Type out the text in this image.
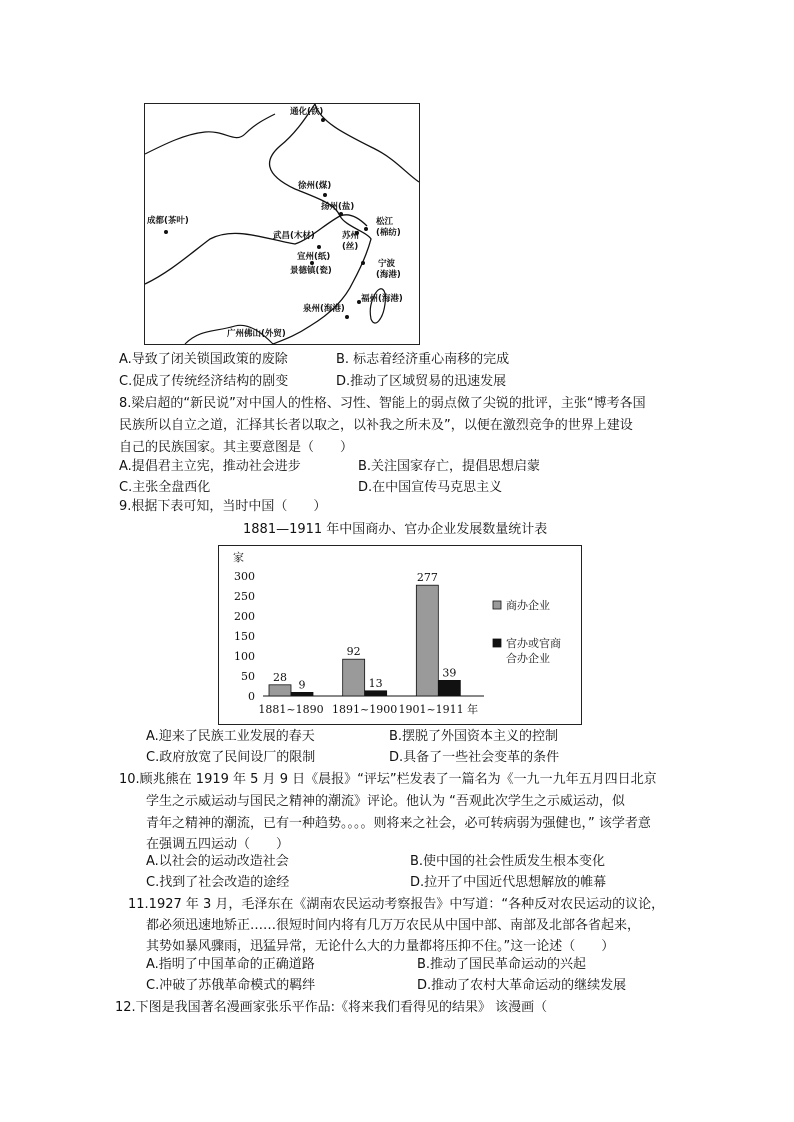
通化(铁)
徐州(煤)
扬州(盐)
松江
(棉纺)
成都(茶叶)
武昌(木材)	苏州
(丝)
宣州(纸)
景德镇(瓷)
宁波
(海港)
泉州(海港)
福州(海港)
广州佛山(外贸)
A.导致了闭关锁国政策的废除	B. 标志着经济重心南移的完成
C.促成了传统经济结构的剧变	D.推动了区域贸易的迅速发展
8.梁启超的“新民说”对中国人的性格、习性、智能上的弱点傚了尖锐的批评，主张“博考各国
民族所以自立之道，汇择其长者以取之，以补我之所未及”，以便在激烈竞争的世界上建设
自己的民族国家。其主要意图是（　　）
A.提倡君主立宪，推动社会进步	B.关注国家存亡，提倡思想启蒙
C.主张全盘西化	D.在中国宣传马克思主义
9.根据下表可知，当时中国（　　）
1881—1911 年中国商办、官办企业发展数量统计表
家
0
50
100
150
200
250
300
28
9
1881~1890
92
13
1891~1900
277
39
1901~1911 年
商办企业
官办或官商
合办企业
A.迎来了民族工业发展的春天	B.摆脱了外国资本主义的控制
C.政府放宽了民间设厂的限制	D.具备了一些社会变革的条件
10.顾兆熊在 1919 年 5 月 9 日《晨报》“评坛”栏发表了一篇名为《一九一九年五月四日北京
学生之示威运动与国民之精神的潮流》评论。他认为 “吾观此次学生之示威运动，似
青年之精神的潮流，已有一种趋势。。。。则将来之社会，必可转病弱为强健也，” 该学者意
在强调五四运动（　　）
A.以社会的运动改造社会	B.使中国的社会性质发生根本变化
C.找到了社会改造的途经	D.拉开了中国近代思想解放的帷幕
11.1927 年 3 月，毛泽东在《湖南农民运动考察报告》中写道：“各种反对农民运动的议论，
都必须迅速地矫正……很短时间内将有几万万农民从中国中部、南部及北部各省起来，
其势如暴风骤雨，迅猛异常，无论什么大的力量都将压抑不住。”这一论述（　　）
A.指明了中国革命的正确道路	B.推动了国民革命运动的兴起
C.冲破了苏俄革命模式的羁绊	D.推动了农村大革命运动的继续发展
12.下图是我国著名漫画家张乐平作品:《将来我们看得见的结果》 该漫画（
